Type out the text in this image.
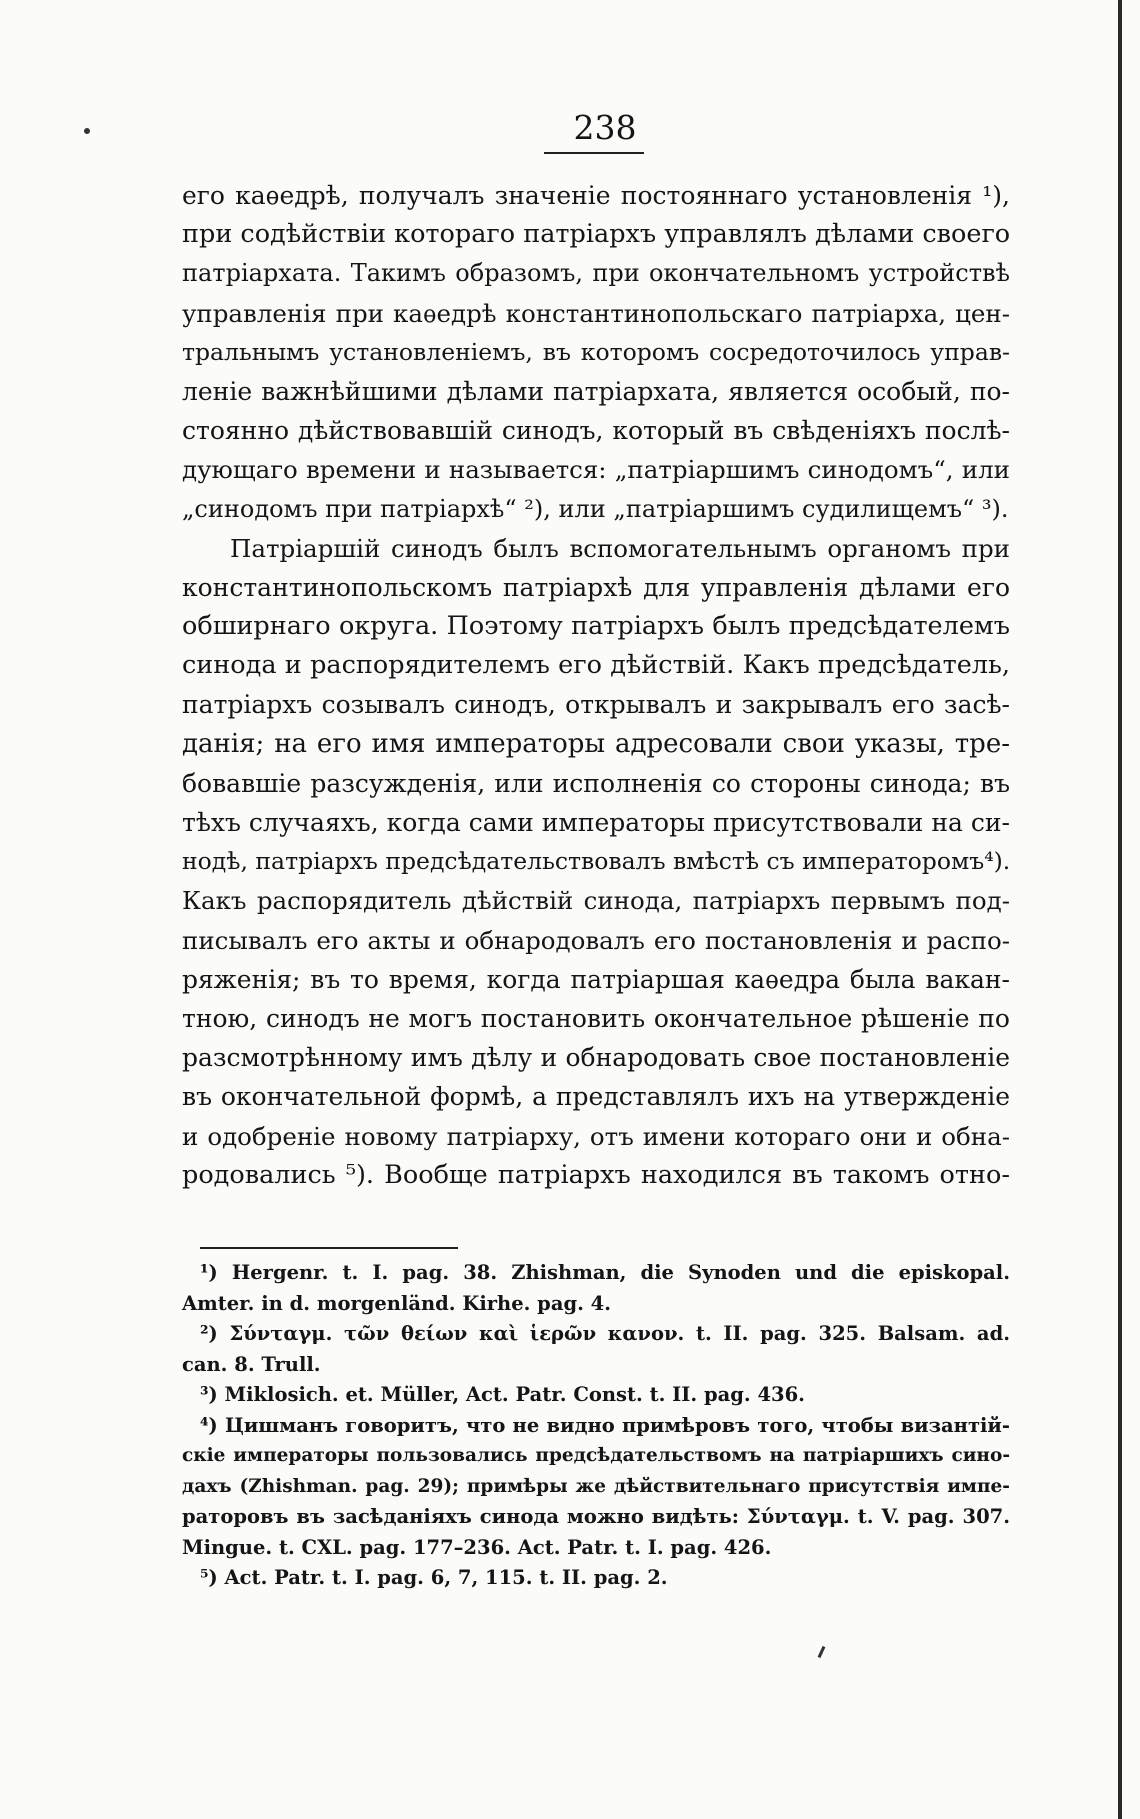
238
его каѳедрѣ, получалъ значеніе постояннаго установленія ¹),
при содѣйствіи котораго патріархъ управлялъ дѣлами своего
патріархата. Такимъ образомъ, при окончательномъ устройствѣ
управленія при каѳедрѣ константинопольскаго патріарха, цен-
тральнымъ установленіемъ, въ которомъ сосредоточилось управ-
леніе важнѣйшими дѣлами патріархата, является особый, по-
стоянно дѣйствовавшій синодъ, который въ свѣденіяхъ послѣ-
дующаго времени и называется: „патріаршимъ синодомъ“, или
„синодомъ при патріархѣ“ ²), или „патріаршимъ судилищемъ“ ³).
Патріаршій синодъ былъ вспомогательнымъ органомъ при
константинопольскомъ патріархѣ для управленія дѣлами его
обширнаго округа. Поэтому патріархъ былъ предсѣдателемъ
синода и распорядителемъ его дѣйствій. Какъ предсѣдатель,
патріархъ созывалъ синодъ, открывалъ и закрывалъ его засѣ-
данія; на его имя императоры адресовали свои указы, тре-
бовавшіе разсужденія, или исполненія со стороны синода; въ
тѣхъ случаяхъ, когда сами императоры присутствовали на си-
нодѣ, патріархъ предсѣдательствовалъ вмѣстѣ съ императоромъ⁴).
Какъ распорядитель дѣйствій синода, патріархъ первымъ под-
писывалъ его акты и обнародовалъ его постановленія и распо-
ряженія; въ то время, когда патріаршая каѳедра была вакан-
тною, синодъ не могъ постановить окончательное рѣшеніе по
разсмотрѣнному имъ дѣлу и обнародовать свое постановленіе
въ окончательной формѣ, а представлялъ ихъ на утвержденіе
и одобреніе новому патріарху, отъ имени котораго они и обна-
родовались ⁵). Вообще патріархъ находился въ такомъ отно-
¹) Hergenr. t. I. pag. 38. Zhishman, die Synoden und die episkopal.
Amter. in d. morgenländ. Kirhe. pag. 4.
²) Σύνταγμ. τῶν θείων καὶ ἱερῶν κανον. t. II. pag. 325. Balsam. ad.
can. 8. Trull.
³) Miklosich. et. Müller, Act. Patr. Const. t. II. pag. 436.
⁴) Цишманъ говоритъ, что не видно примѣровъ того, чтобы византій-
скіе императоры пользовались предсѣдательствомъ на патріаршихъ сино-
дахъ (Zhishman. pag. 29); примѣры же дѣйствительнаго присутствія импе-
раторовъ въ засѣданіяхъ синода можно видѣть: Σύνταγμ. t. V. pag. 307.
Mingue. t. CXL. pag. 177–236. Act. Patr. t. I. pag. 426.
⁵) Act. Patr. t. I. pag. 6, 7, 115. t. II. pag. 2.
